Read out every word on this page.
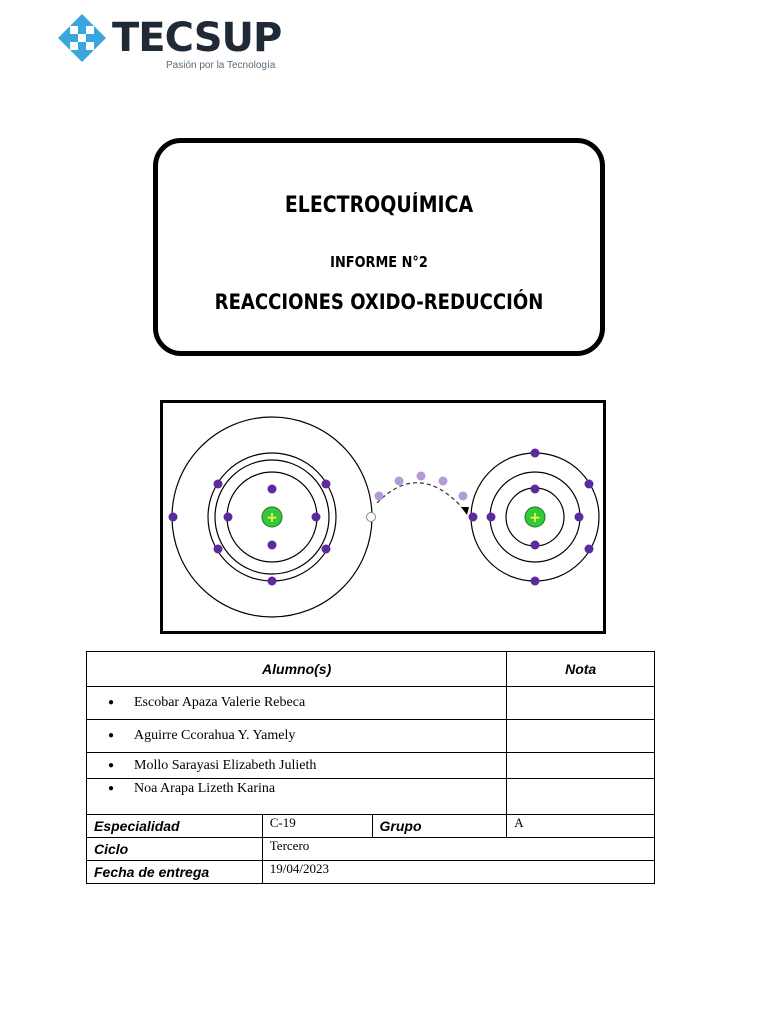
TECSUP
Pasión por la Tecnología
ELECTROQUÍMICA
INFORME N°2
REACCIONES OXIDO-REDUCCIÓN
+	+
Alumno(s)			Nota
● Escobar Apaza Valerie Rebeca			
● Aguirre Ccorahua Y. Yamely			
● Mollo Sarayasi Elizabeth Julieth			
● Noa Arapa Lizeth Karina			
Especialidad	C-19	Grupo	A
Ciclo	Tercero		
Fecha de entrega	19/04/2023		
